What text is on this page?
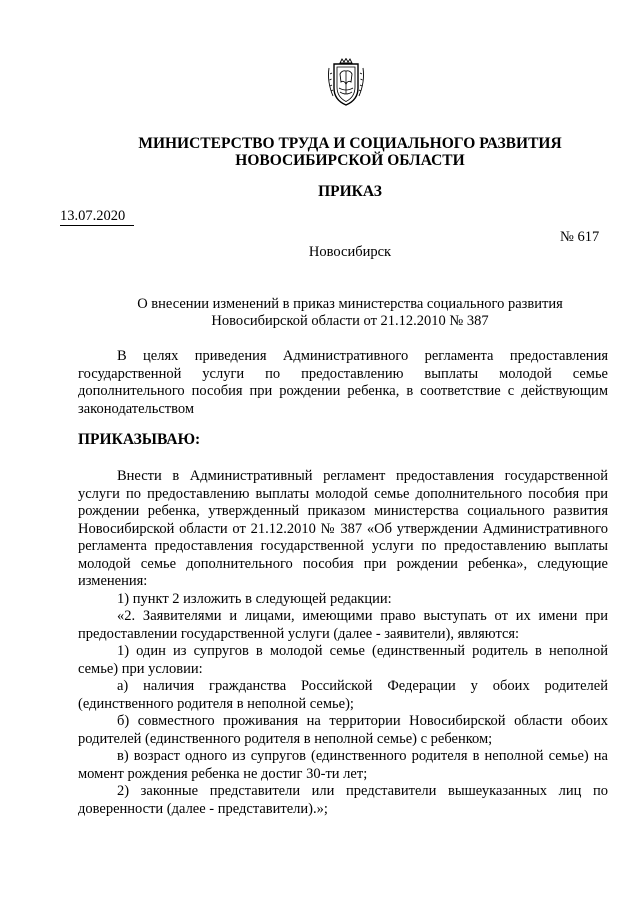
МИНИСТЕРСТВО ТРУДА И СОЦИАЛЬНОГО РАЗВИТИЯ
НОВОСИБИРСКОЙ ОБЛАСТИ
ПРИКАЗ
13.07.2020
№ 617
Новосибирск
О внесении изменений в приказ министерства социального развития
Новосибирской области от 21.12.2010 № 387

В целях приведения Административного регламента предоставления государственной услуги по предоставлению выплаты молодой семье дополнительного пособия при рождении ребенка, в соответствие с действующим законодательством

ПРИКАЗЫВАЮ:

Внести в Административный регламент предоставления государственной услуги по предоставлению выплаты молодой семье дополнительного пособия при рождении ребенка, утвержденный приказом министерства социального развития Новосибирской области от 21.12.2010 № 387 «Об утверждении Административного регламента предоставления государственной услуги по предоставлению выплаты молодой семье дополнительного пособия при рождении ребенка», следующие изменения:

1) пункт 2 изложить в следующей редакции:

«2. Заявителями и лицами, имеющими право выступать от их имени при предоставлении государственной услуги (далее - заявители), являются:

1) один из супругов в молодой семье (единственный родитель в неполной семье) при условии:

а) наличия гражданства Российской Федерации у обоих родителей (единственного родителя в неполной семье);

б) совместного проживания на территории Новосибирской области обоих родителей (единственного родителя в неполной семье) с ребенком;

в) возраст одного из супругов (единственного родителя в неполной семье) на момент рождения ребенка не достиг 30-ти лет;

2) законные представители или представители вышеуказанных лиц по доверенности (далее - представители).»;
